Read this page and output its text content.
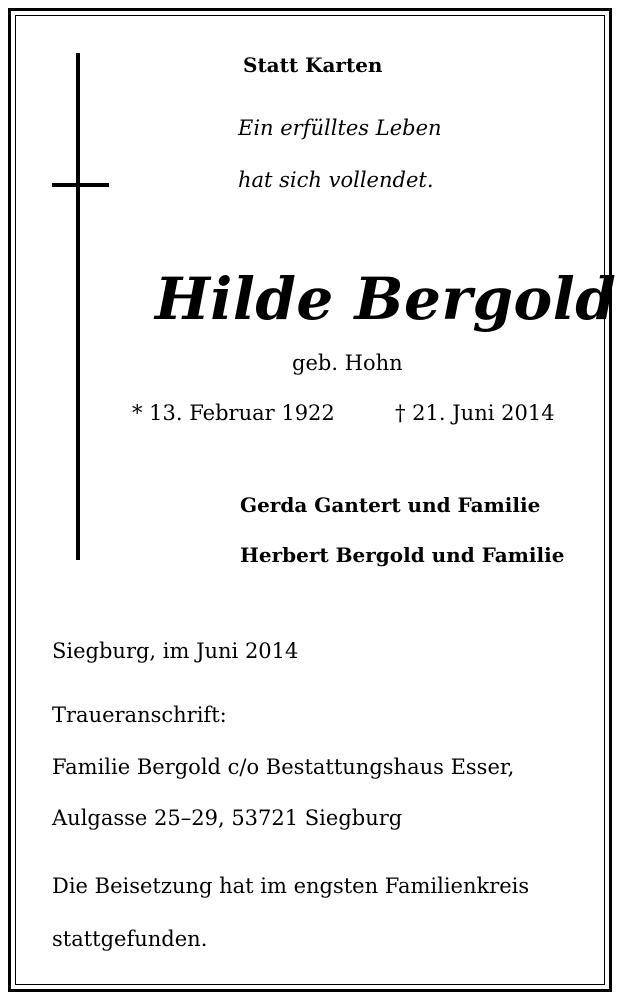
Statt Karten
Ein erfülltes Leben
hat sich vollendet.
Hilde Bergold
geb. Hohn
* 13. Februar 1922	† 21. Juni 2014
Gerda Gantert und Familie
Herbert Bergold und Familie
Siegburg, im Juni 2014
Traueranschrift:
Familie Bergold c/o Bestattungshaus Esser,
Aulgasse 25–29, 53721 Siegburg
Die Beisetzung hat im engsten Familienkreis
stattgefunden.
